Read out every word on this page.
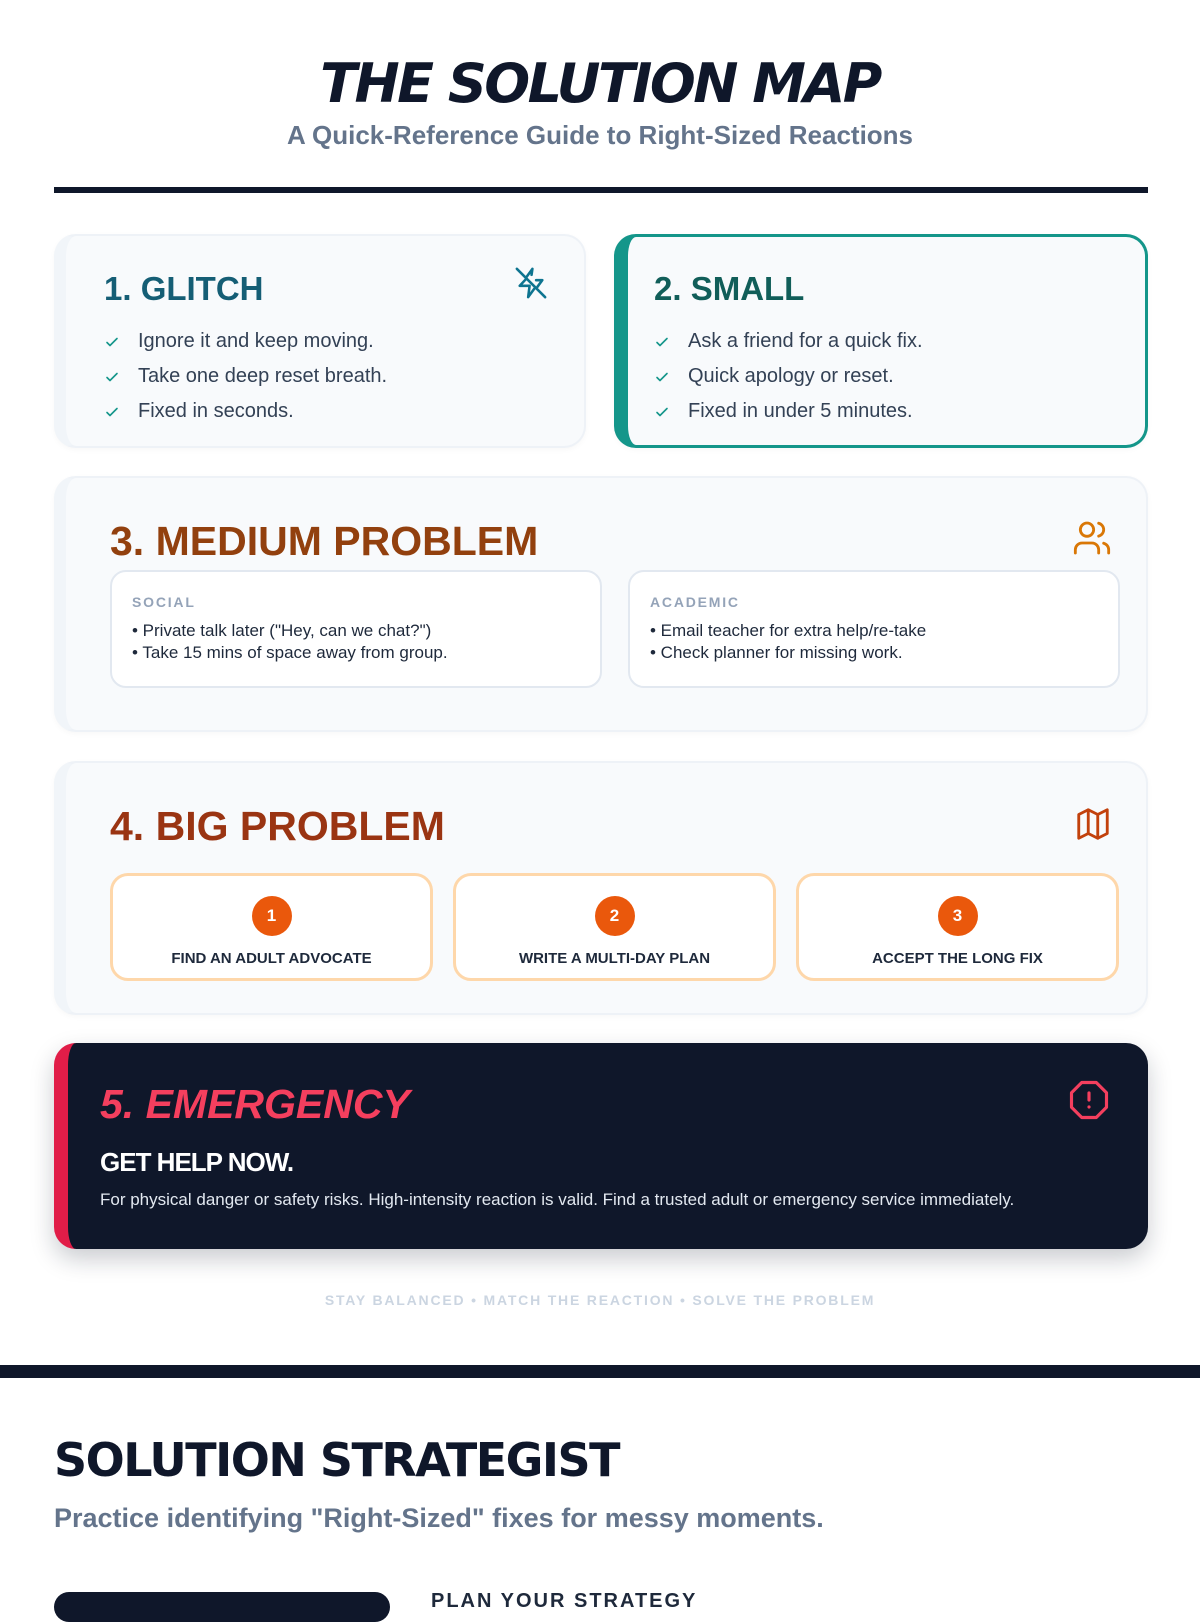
THE SOLUTION MAP

A Quick-Reference Guide to Right-Sized Reactions

1. GLITCH
Ignore it and keep moving.
Take one deep reset breath.
Fixed in seconds.
2. SMALL
Ask a friend for a quick fix.
Quick apology or reset.
Fixed in under 5 minutes.
3. MEDIUM PROBLEM
SOCIAL
• Private talk later ("Hey, can we chat?")
• Take 15 mins of space away from group.
ACADEMIC
• Email teacher for extra help/re-take
• Check planner for missing work.
4. BIG PROBLEM
1
FIND AN ADULT ADVOCATE
2
WRITE A MULTI-DAY PLAN
3
ACCEPT THE LONG FIX
5. EMERGENCY
GET HELP NOW.
For physical danger or safety risks. High-intensity reaction is valid. Find a trusted adult or emergency service immediately.
STAY BALANCED • MATCH THE REACTION • SOLVE THE PROBLEM
SOLUTION STRATEGIST

Practice identifying "Right-Sized" fixes for messy moments.

PLAN YOUR STRATEGY
